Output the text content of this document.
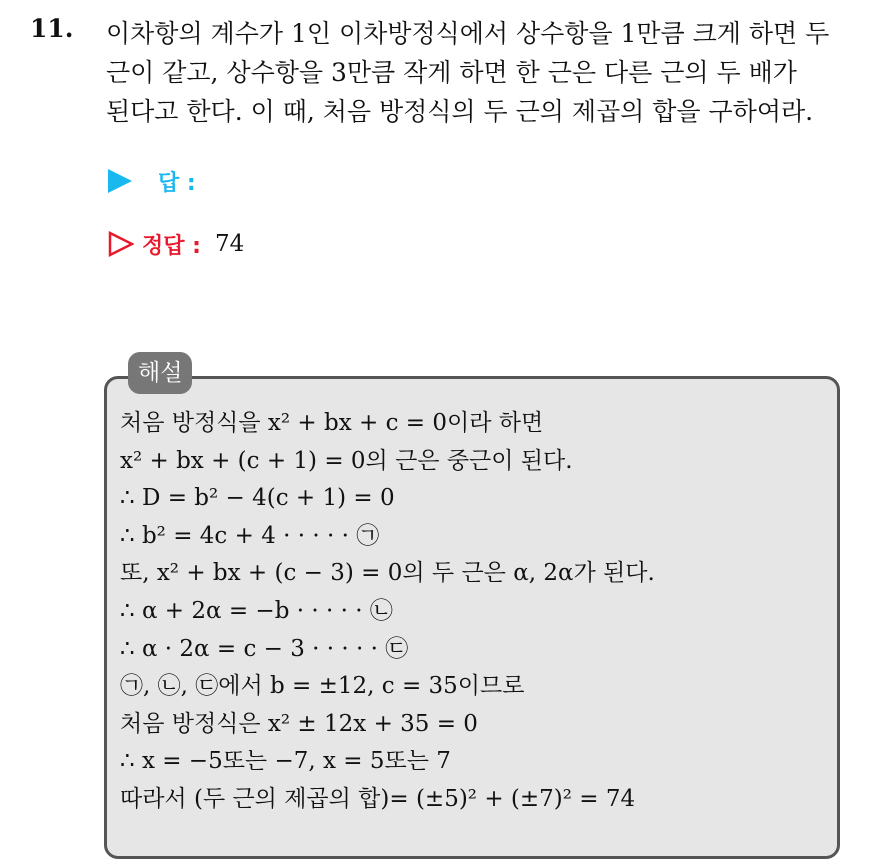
11. 이차항의 계수가 1인 이차방정식에서 상수항을 1만큼 크게 하면 두
근이 같고, 상수항을 3만큼 작게 하면 한 근은 다른 근의 두 배가
된다고 한다. 이 때, 처음 방정식의 두 근의 제곱의 합을 구하여라.
답 :
정답 : 74
해설
처음 방정식을 x² + bx + c = 0이라 하면
x² + bx + (c + 1) = 0의 근은 중근이 된다.
∴ D = b² − 4(c + 1) = 0
∴ b² = 4c + 4 · · · · · ㉠
또, x² + bx + (c − 3) = 0의 두 근은 α, 2α가 된다.
∴ α + 2α = −b · · · · · ㉡
∴ α · 2α = c − 3 · · · · · ㉢
㉠, ㉡, ㉢에서 b = ±12, c = 35이므로
처음 방정식은 x² ± 12x + 35 = 0
∴ x = −5또는 −7, x = 5또는 7
따라서 (두 근의 제곱의 합)= (±5)² + (±7)² = 74
